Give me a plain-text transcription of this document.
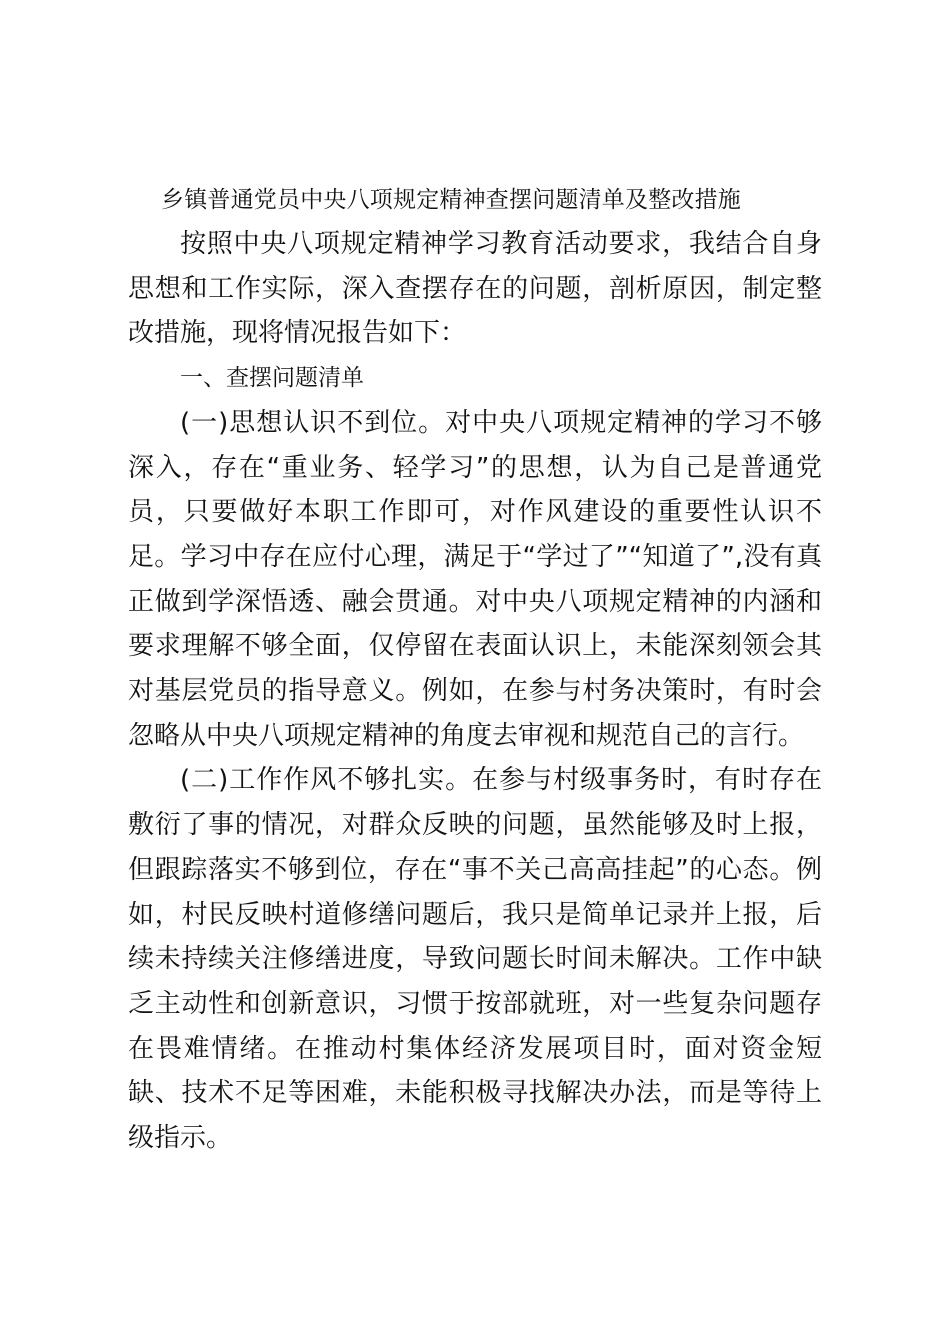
乡镇普通党员中央八项规定精神查摆问题清单及整改措施

按照中央八项规定精神学习教育活动要求，我结合自身思想和工作实际，深入查摆存在的问题，剖析原因，制定整改措施，现将情况报告如下：

一、查摆问题清单

(一)思想认识不到位。对中央八项规定精神的学习不够深入，存在“重业务、轻学习”的思想，认为自己是普通党员，只要做好本职工作即可，对作风建设的重要性认识不足。学习中存在应付心理，满足于“学过了”“知道了”,没有真正做到学深悟透、融会贯通。对中央八项规定精神的内涵和要求理解不够全面，仅停留在表面认识上，未能深刻领会其对基层党员的指导意义。例如，在参与村务决策时，有时会忽略从中央八项规定精神的角度去审视和规范自己的言行。

(二)工作作风不够扎实。在参与村级事务时，有时存在敷衍了事的情况，对群众反映的问题，虽然能够及时上报，但跟踪落实不够到位，存在“事不关己高高挂起”的心态。例如，村民反映村道修缮问题后，我只是简单记录并上报，后续未持续关注修缮进度，导致问题长时间未解决。工作中缺乏主动性和创新意识，习惯于按部就班，对一些复杂问题存在畏难情绪。在推动村集体经济发展项目时，面对资金短缺、技术不足等困难，未能积极寻找解决办法，而是等待上级指示。
